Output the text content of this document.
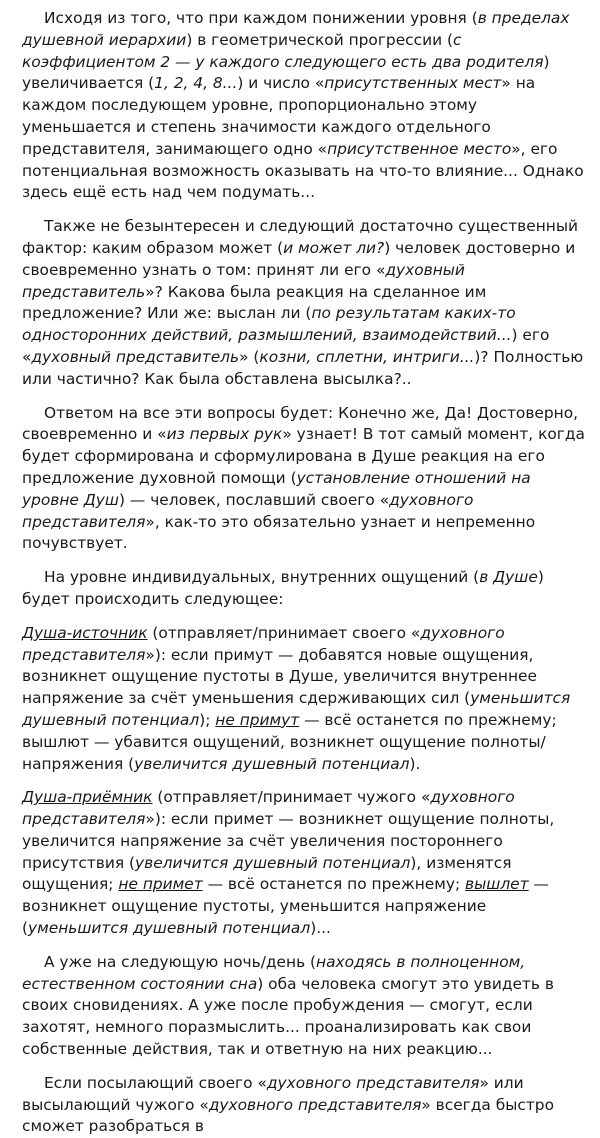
Исходя из того, что при каждом понижении уровня (в пределах душевной иерархии) в геометрической прогрессии (с коэффициентом 2 — у каждого следующего есть два родителя) увеличивается (1, 2, 4, 8...) и число «присутственных мест» на каждом последующем уровне, пропорционально этому уменьшается и степень значимости каждого отдельного представителя, занимающего одно «присутственное место», его потенциальная возможность оказывать на что-то влияние... Однако здесь ещё есть над чем подумать...

Также не безынтересен и следующий достаточно существенный фактор: каким образом может (и может ли?) человек достоверно и своевременно узнать о том: принят ли его «духовный представитель»? Какова была реакция на сделанное им предложение? Или же: выслан ли (по результатам каких-то односторонних действий, размышлений, взаимодействий...) его «духовный представитель» (козни, сплетни, интриги...)? Полностью или частично? Как была обставлена высылка?..

Ответом на все эти вопросы будет: Конечно же, Да! Достоверно, своевременно и «из первых рук» узнает! В тот самый момент, когда будет сформирована и сформулирована в Душе реакция на его предложение духовной помощи (установление отношений на уровне Душ) — человек, пославший своего «духовного представителя», как-то это обязательно узнает и непременно почувствует.

На уровне индивидуальных, внутренних ощущений (в Душе) будет происходить следующее:

Душа-источник (отправляет/принимает своего «духовного представителя»): если примут — добавятся новые ощущения, возникнет ощущение пустоты в Душе, увеличится внутреннее напряжение за счёт уменьшения сдерживающих сил (уменьшится душевный потенциал); не примут — всё останется по прежнему; вышлют — убавится ощущений, возникнет ощущение полноты/напряжения (увеличится душевный потенциал).

Душа-приёмник (отправляет/принимает чужого «духовного представителя»): если примет — возникнет ощущение полноты, увеличится напряжение за счёт увеличения постороннего присутствия (увеличится душевный потенциал), изменятся ощущения; не примет — всё останется по прежнему; вышлет — возникнет ощущение пустоты, уменьшится напряжение (уменьшится душевный потенциал)...

А уже на следующую ночь/день (находясь в полноценном, естественном состоянии сна) оба человека смогут это увидеть в своих сновидениях. А уже после пробуждения — смогут, если захотят, немного поразмыслить... проанализировать как свои собственные действия, так и ответную на них реакцию...

Если посылающий своего «духовного представителя» или высылающий чужого «духовного представителя» всегда быстро сможет разобраться в
